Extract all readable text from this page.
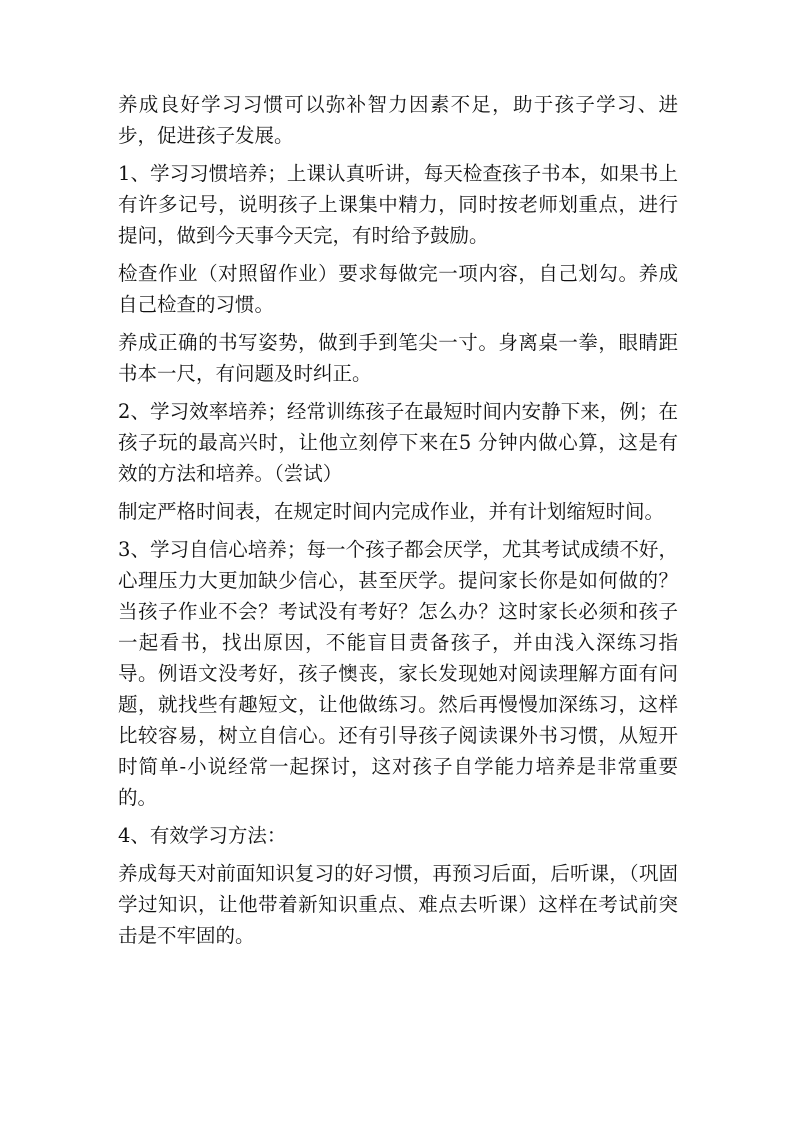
养成良好学习习惯可以弥补智力因素不足，助于孩子学习、进步，促进孩子发展。

1、学习习惯培养；上课认真听讲，每天检查孩子书本，如果书上有许多记号，说明孩子上课集中精力，同时按老师划重点，进行提问，做到今天事今天完，有时给予鼓励。

检查作业（对照留作业）要求每做完一项内容，自己划勾。养成自己检查的习惯。

养成正确的书写姿势，做到手到笔尖一寸。身离桌一拳，眼睛距书本一尺，有问题及时纠正。

2、学习效率培养；经常训练孩子在最短时间内安静下来，例；在孩子玩的最高兴时，让他立刻停下来在5 分钟内做心算，这是有效的方法和培养。（尝试）

制定严格时间表，在规定时间内完成作业，并有计划缩短时间。

3、学习自信心培养；每一个孩子都会厌学，尤其考试成绩不好，心理压力大更加缺少信心，甚至厌学。提问家长你是如何做的？当孩子作业不会？考试没有考好？怎么办？这时家长必须和孩子一起看书，找出原因，不能盲目责备孩子，并由浅入深练习指导。例语文没考好，孩子懊丧，家长发现她对阅读理解方面有问题，就找些有趣短文，让他做练习。然后再慢慢加深练习，这样比较容易，树立自信心。还有引导孩子阅读课外书习惯，从短开时简单-小说经常一起探讨，这对孩子自学能力培养是非常重要的。

4、有效学习方法：

养成每天对前面知识复习的好习惯，再预习后面，后听课，（巩固学过知识，让他带着新知识重点、难点去听课）这样在考试前突击是不牢固的。
